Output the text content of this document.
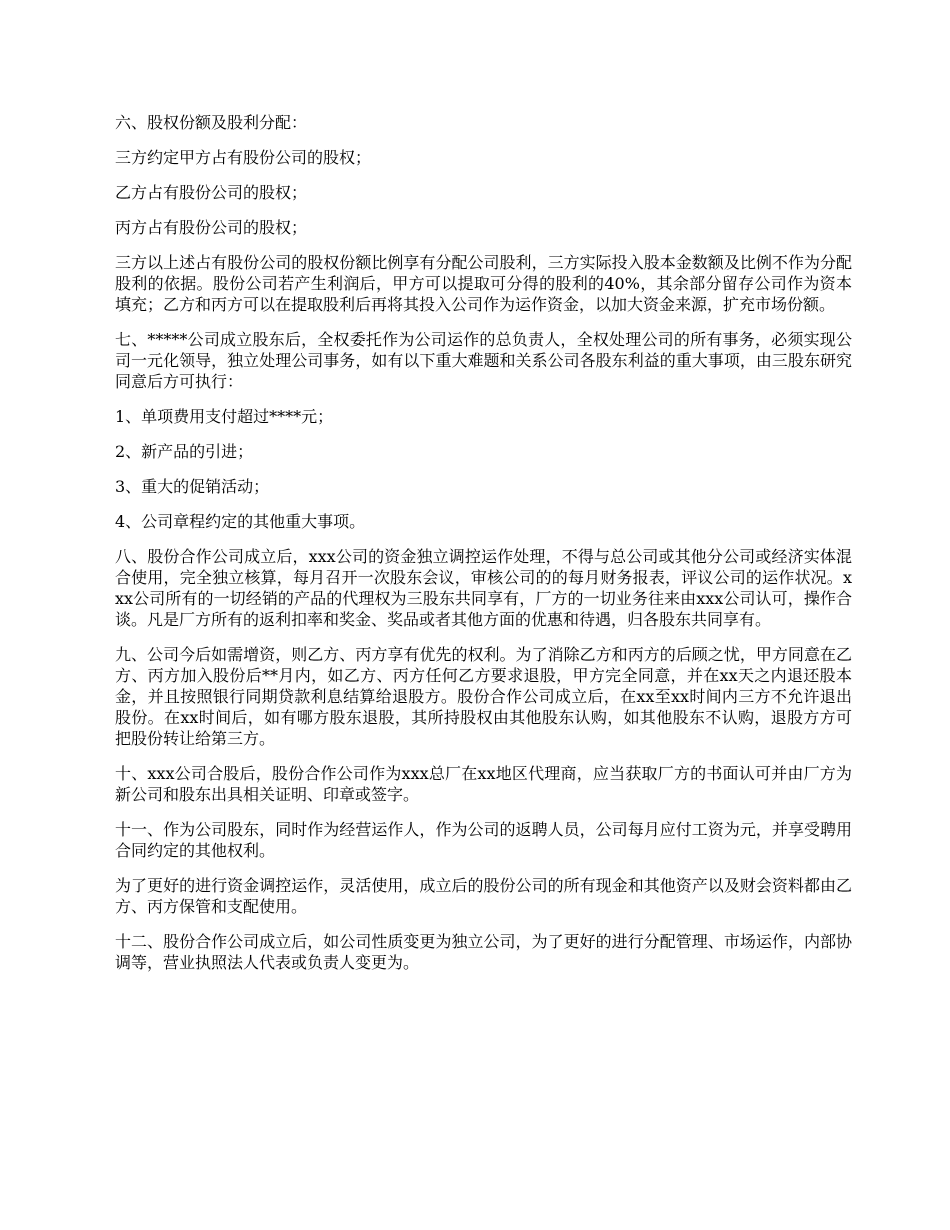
六、股权份额及股利分配：

三方约定甲方占有股份公司的股权；

乙方占有股份公司的股权；

丙方占有股份公司的股权；

三方以上述占有股份公司的股权份额比例享有分配公司股利，三方实际投入股本金数额及比例不作为分配股利的依据。股份公司若产生利润后，甲方可以提取可分得的股利的40%，其余部分留存公司作为资本填充；乙方和丙方可以在提取股利后再将其投入公司作为运作资金，以加大资金来源，扩充市场份额。

七、*****公司成立股东后，全权委托作为公司运作的总负责人，全权处理公司的所有事务，必须实现公司一元化领导，独立处理公司事务，如有以下重大难题和关系公司各股东利益的重大事项，由三股东研究同意后方可执行：

1、单项费用支付超过****元；

2、新产品的引进；

3、重大的促销活动；

4、公司章程约定的其他重大事项。

八、股份合作公司成立后，xxx公司的资金独立调控运作处理，不得与总公司或其他分公司或经济实体混合使用，完全独立核算，每月召开一次股东会议，审核公司的的每月财务报表，评议公司的运作状况。xxx公司所有的一切经销的产品的代理权为三股东共同享有，厂方的一切业务往来由xxx公司认可，操作合谈。凡是厂方所有的返利扣率和奖金、奖品或者其他方面的优惠和待遇，归各股东共同享有。

九、公司今后如需增资，则乙方、丙方享有优先的权利。为了消除乙方和丙方的后顾之忧，甲方同意在乙方、丙方加入股份后**月内，如乙方、丙方任何乙方要求退股，甲方完全同意，并在xx天之内退还股本金，并且按照银行同期贷款利息结算给退股方。股份合作公司成立后，在xx至xx时间内三方不允许退出股份。在xx时间后，如有哪方股东退股，其所持股权由其他股东认购，如其他股东不认购，退股方方可把股份转让给第三方。

十、xxx公司合股后，股份合作公司作为xxx总厂在xx地区代理商，应当获取厂方的书面认可并由厂方为新公司和股东出具相关证明、印章或签字。

十一、作为公司股东，同时作为经营运作人，作为公司的返聘人员，公司每月应付工资为元，并享受聘用合同约定的其他权利。

为了更好的进行资金调控运作，灵活使用，成立后的股份公司的所有现金和其他资产以及财会资料都由乙方、丙方保管和支配使用。

十二、股份合作公司成立后，如公司性质变更为独立公司，为了更好的进行分配管理、市场运作，内部协调等，营业执照法人代表或负责人变更为。
